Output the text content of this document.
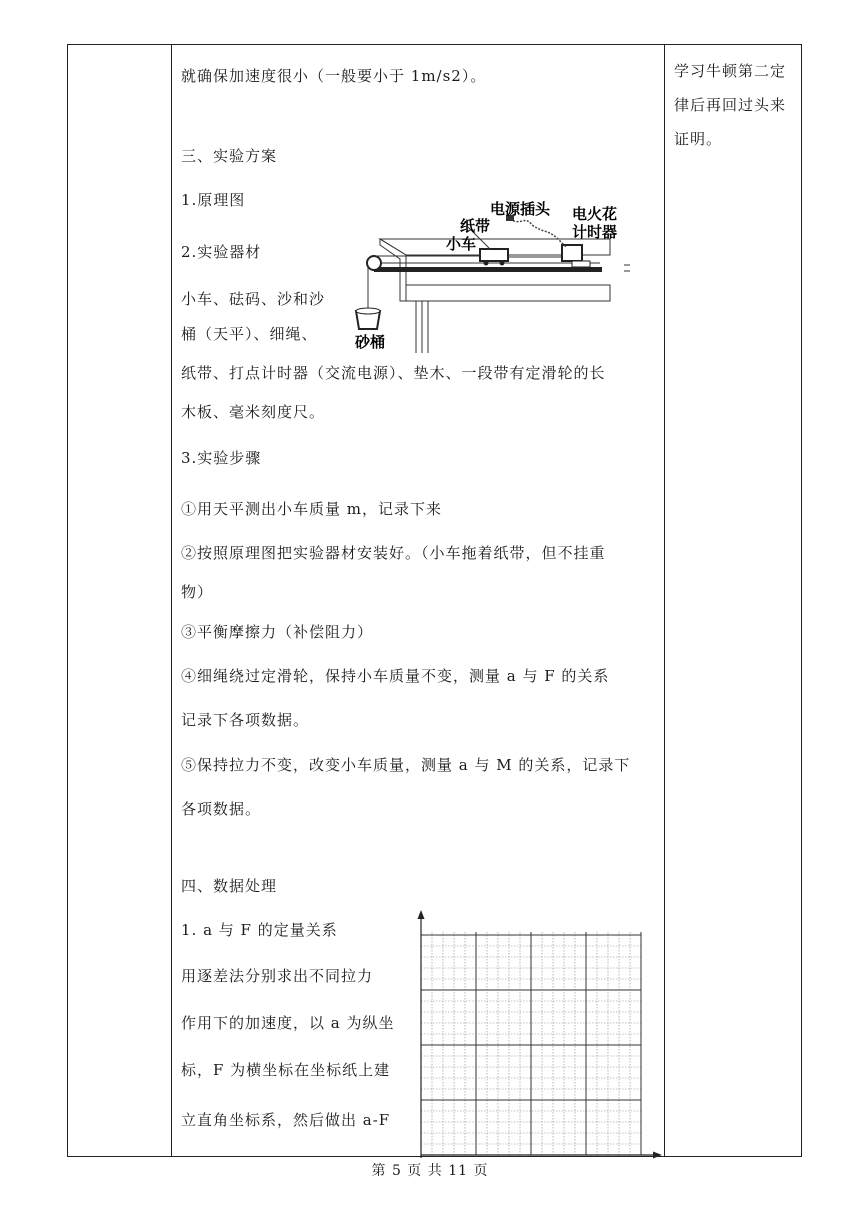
就确保加速度很小（一般要小于 1m/s2）。
三、实验方案
1.原理图
2.实验器材
小车、砝码、沙和沙
桶（天平）、细绳、
纸带、打点计时器（交流电源）、垫木、一段带有定滑轮的长
木板、毫米刻度尺。
3.实验步骤
①用天平测出小车质量 m，记录下来
②按照原理图把实验器材安装好。（小车拖着纸带，但不挂重
物）
③平衡摩擦力（补偿阻力）
④细绳绕过定滑轮，保持小车质量不变，测量 a 与 F 的关系
记录下各项数据。
⑤保持拉力不变，改变小车质量，测量 a 与 M 的关系，记录下
各项数据。
四、数据处理
1. a 与 F 的定量关系
用逐差法分别求出不同拉力
作用下的加速度，以 a 为纵坐
标，F 为横坐标在坐标纸上建
立直角坐标系，然后做出 a-F
学习牛顿第二定
律后再回过头来
证明。
纸带
电源插头 电火花
计时器
小车
砂桶
第 5 页 共 11 页
